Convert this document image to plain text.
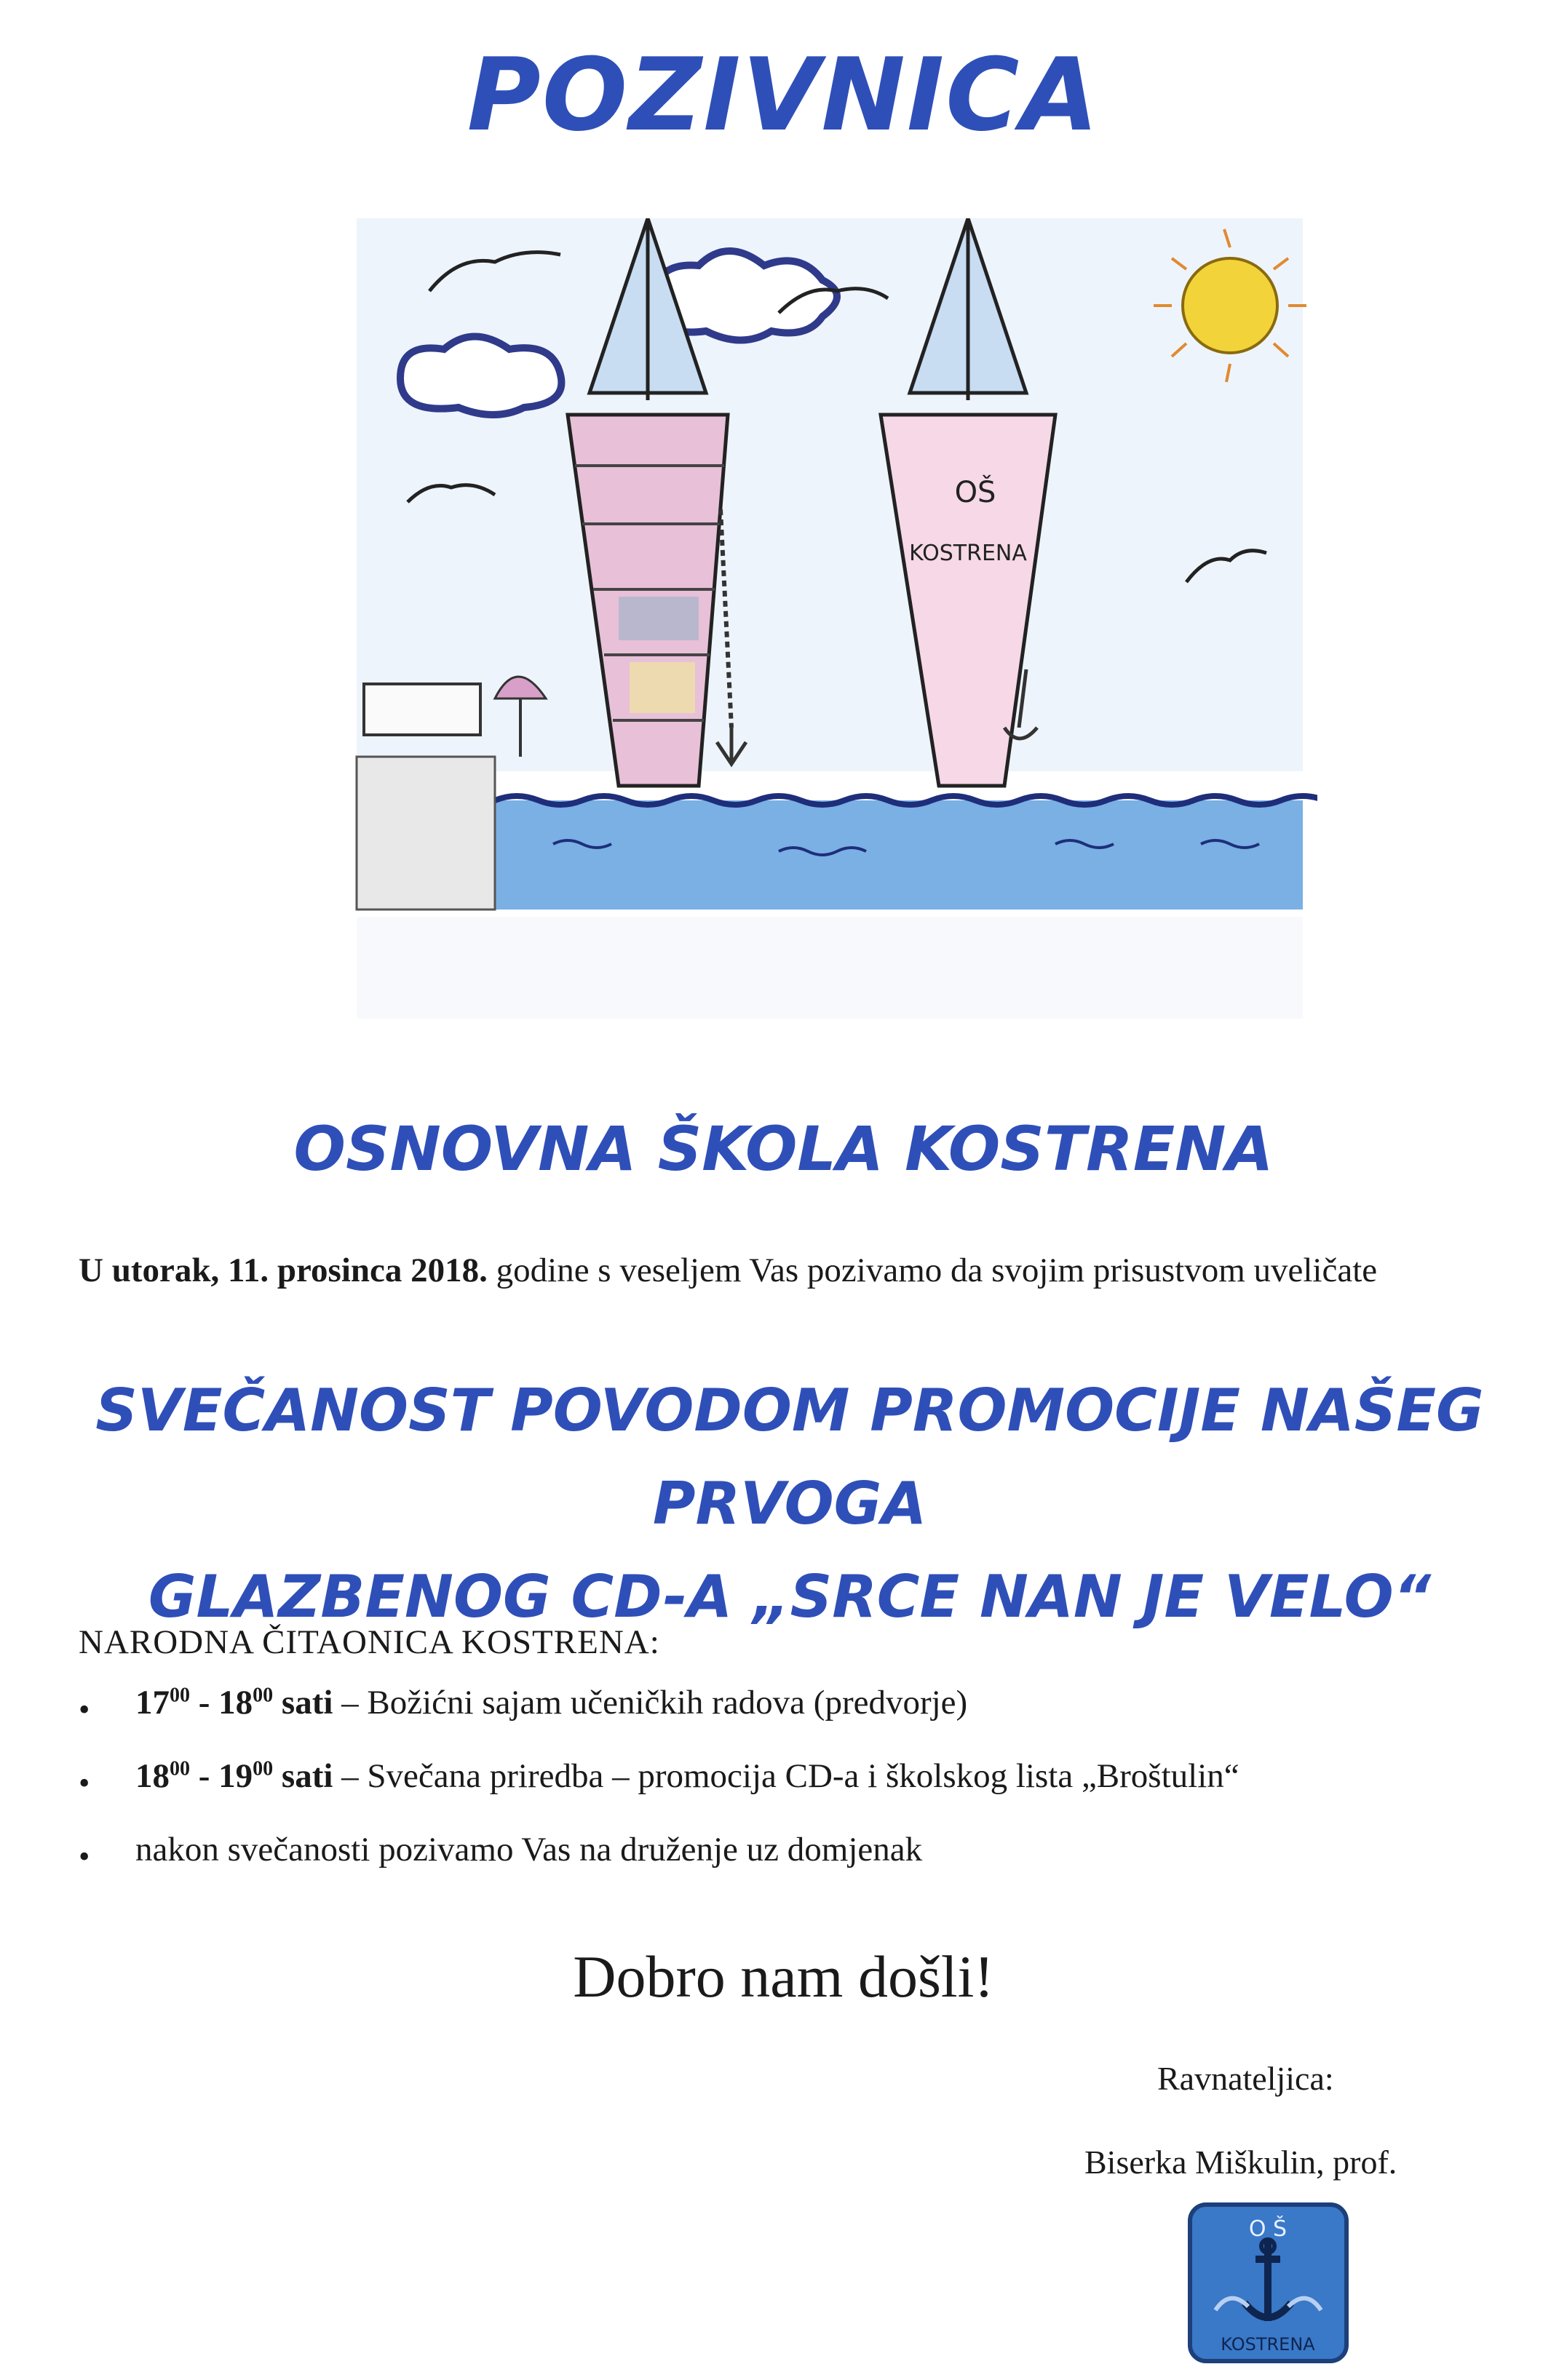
POZIVNICA
OŠ
KOSTRENA
OSNOVNA ŠKOLA KOSTRENA
U utorak, 11. prosinca 2018. godine s veseljem Vas pozivamo da svojim prisustvom uveličate
SVEČANOST POVODOM PROMOCIJE NAŠEG PRVOGA
GLAZBENOG CD-A „SRCE NAN JE VELO“
NARODNA ČITAONICA KOSTRENA:
• $17^{00} - 18^{00}$ sati – Božićni sajam učeničkih radova (predvorje)
• $18^{00} - 19^{00}$ sati – Svečana priredba – promocija CD-a i školskog lista „Broštulin“
• nakon svečanosti pozivamo Vas na druženje uz domjenak
Dobro nam došli!
Ravnateljica:
Biserka Miškulin, prof.
O Š
KOSTRENA
